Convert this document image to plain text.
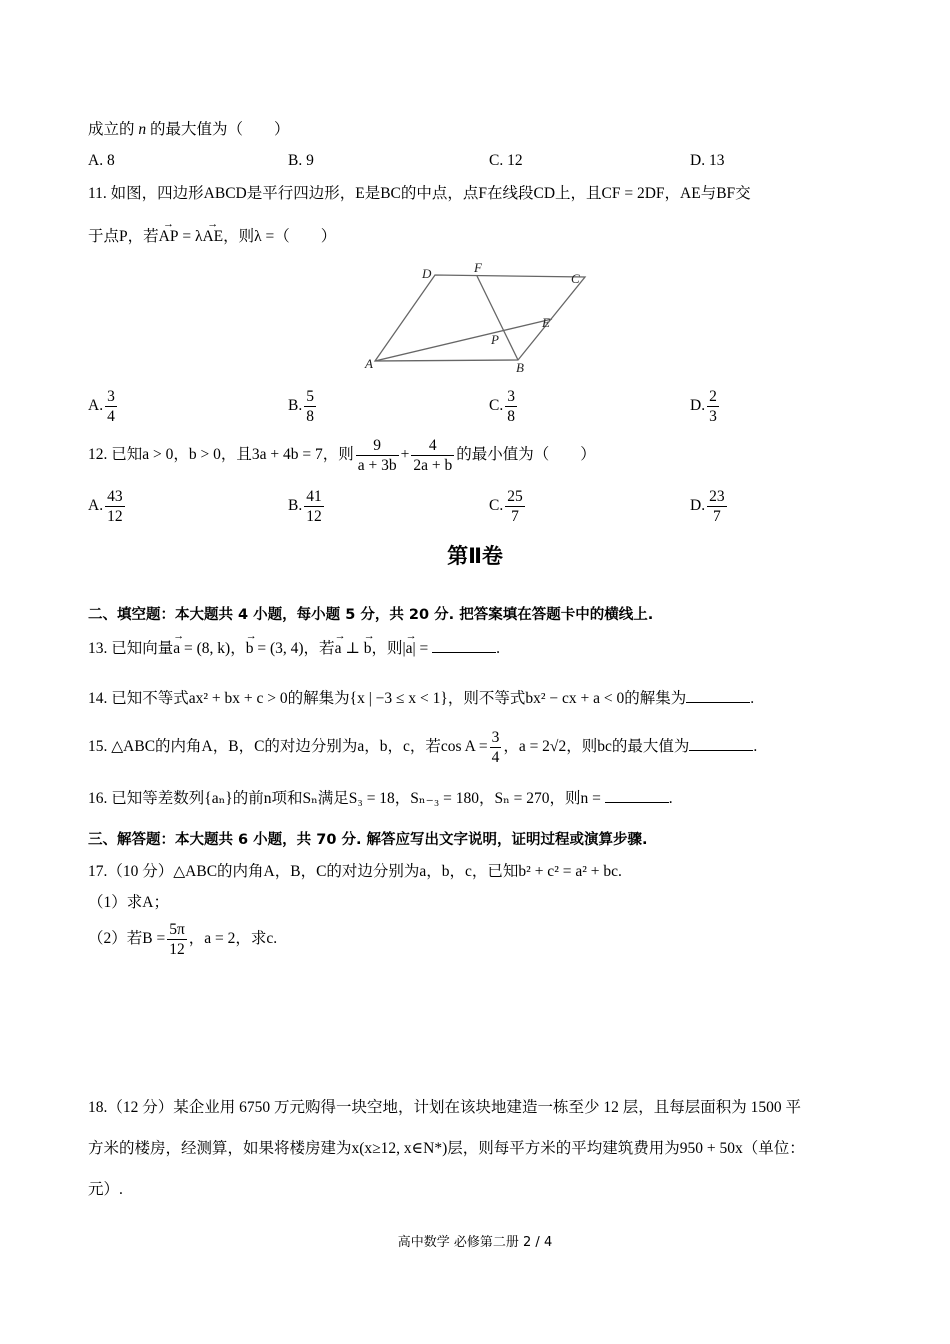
成立的 n 的最大值为（　　）
A. 8	B. 9	C. 12	D. 13
11. 如图，四边形ABCD是平行四边形，E是BC的中点，点F在线段CD上，且CF = 2DF，AE与BF交
于点P，若→ AP = λ→ AE，则λ =（　　）
A	B
C
D
E
F
P
A. $\frac{3}{4}$	B. $\frac{5}{8}$	C. $\frac{3}{8}$	D. $\frac{2}{3}$
12. 已知a > 0，b > 0，且3a + 4b = 7，则 $\frac{9}{a + 3b} + \frac{4}{2a + b}$ 的最小值为（　　）
A. $\frac{43}{12}$	B. $\frac{41}{12}$	C. $\frac{25}{7}$	D. $\frac{23}{7}$
第Ⅱ卷
二、填空题：本大题共 4 小题，每小题 5 分，共 20 分. 把答案填在答题卡中的横线上.
13. 已知向量→ a = (8, k)，→ b = (3, 4)，若→ a ⊥ → b，则|→ a| =	.
14. 已知不等式ax² + bx + c > 0的解集为{x | −3 ≤ x < 1}，则不等式bx² − cx + a < 0的解集为	.
15. △ABC的内角A，B，C的对边分别为a，b，c，若$\cos A = \frac{3}{4}$ ，a = 2√2，则bc的最大值为	.
16. 已知等差数列{aₙ}的前n项和Sₙ满足S₃ = 18，Sₙ₋₃ = 180，Sₙ = 270，则n =	.
三、解答题：本大题共 6 小题，共 70 分. 解答应写出文字说明，证明过程或演算步骤.
17.（10 分）△ABC的内角A，B，C的对边分别为a，b，c，已知b² + c² = a² + bc.
（1）求A；
（2）若$B = \frac{5\pi}{12}$ ，a = 2，求c.
18.（12 分）某企业用 6750 万元购得一块空地，计划在该块地建造一栋至少 12 层，且每层面积为 1500 平
方米的楼房，经测算，如果将楼房建为x(x≥12, x∈N*)层，则每平方米的平均建筑费用为950 + 50x（单位：
元）.
高中数学 必修第二册 2 / 4
